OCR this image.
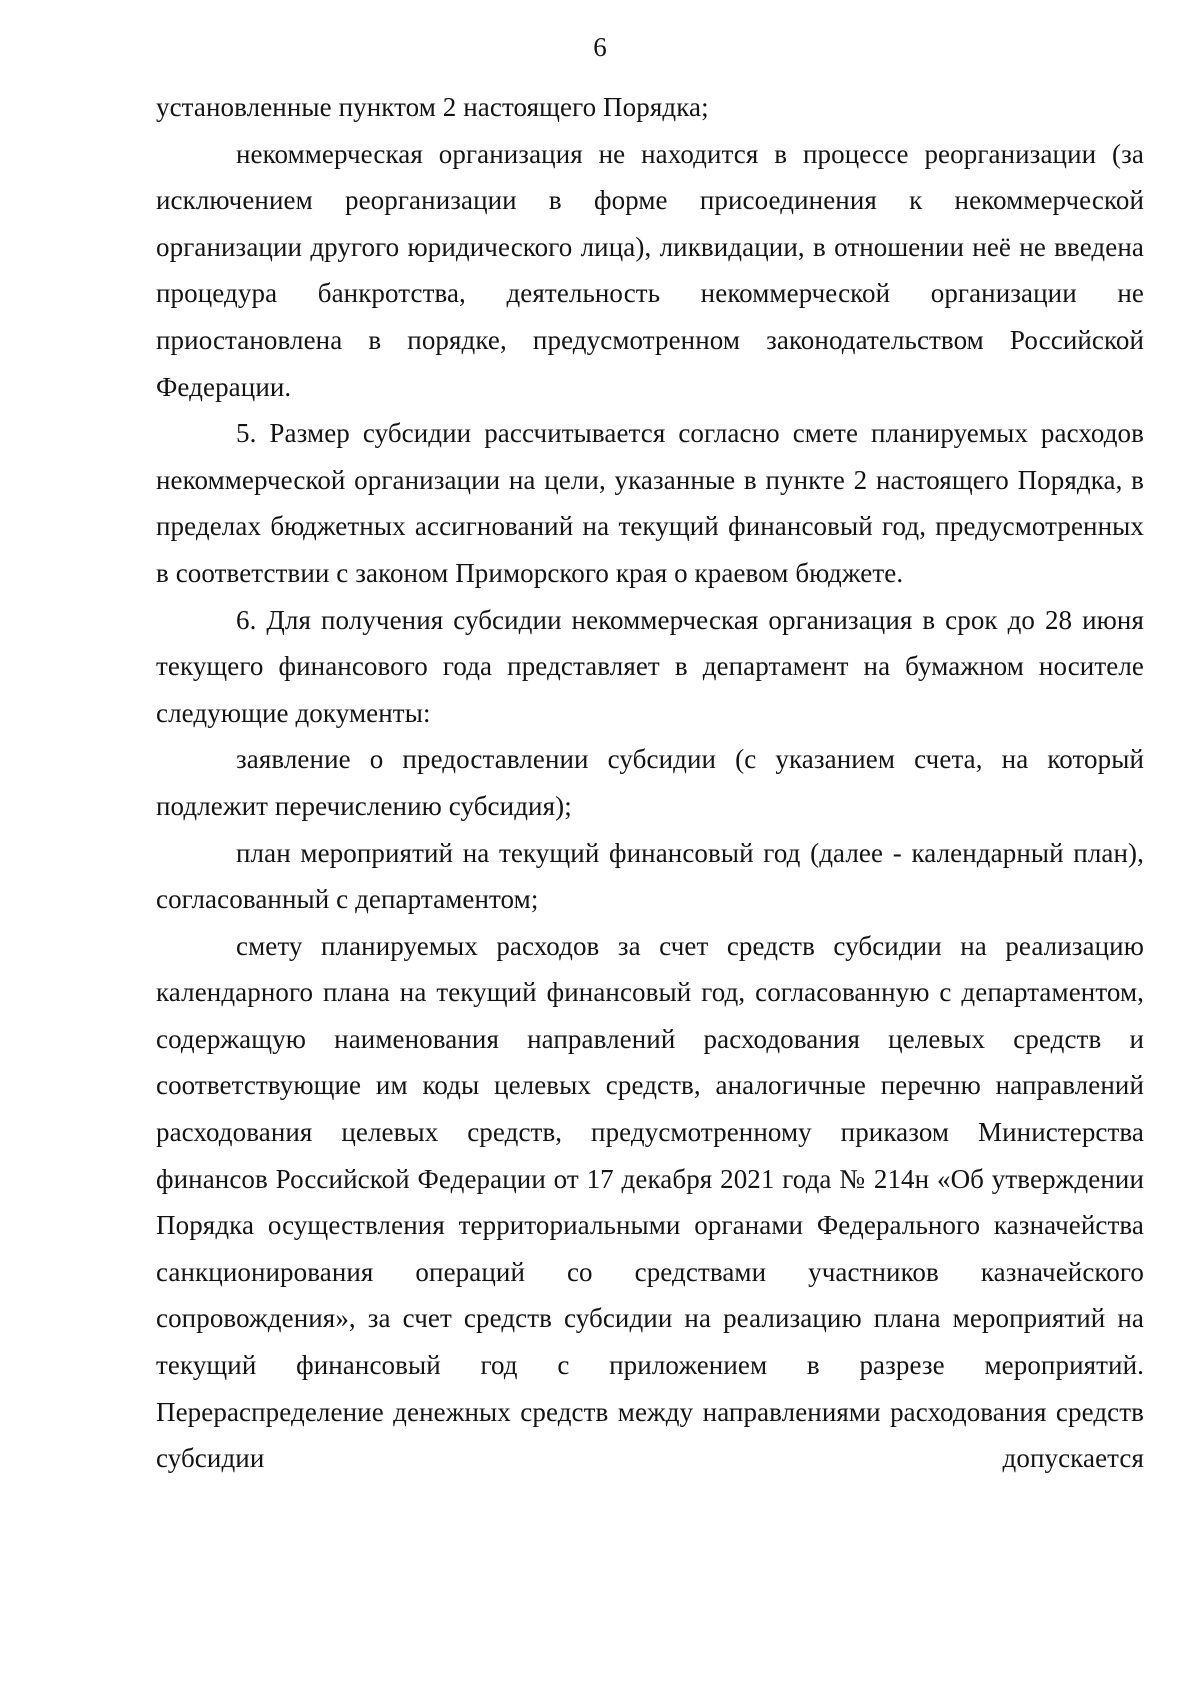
6

установленные пунктом 2 настоящего Порядка;

некоммерческая организация не находится в процессе реорганизации (за исключением реорганизации в форме присоединения к некоммерческой организации другого юридического лица), ликвидации, в отношении неё не введена процедура банкротства, деятельность некоммерческой организации не приостановлена в порядке, предусмотренном законодательством Российской Федерации.

5. Размер субсидии рассчитывается согласно смете планируемых расходов некоммерческой организации на цели, указанные в пункте 2 настоящего Порядка, в пределах бюджетных ассигнований на текущий финансовый год, предусмотренных в соответствии с законом Приморского края о краевом бюджете.

6. Для получения субсидии некоммерческая организация в срок до 28 июня текущего финансового года представляет в департамент на бумажном носителе следующие документы:

заявление о предоставлении субсидии (с указанием счета, на который подлежит перечислению субсидия);

план мероприятий на текущий финансовый год (далее - календарный план), согласованный с департаментом;

смету планируемых расходов за счет средств субсидии на реализацию календарного плана на текущий финансовый год, согласованную с департаментом, содержащую наименования направлений расходования целевых средств и соответствующие им коды целевых средств, аналогичные перечню направлений расходования целевых средств, предусмотренному приказом Министерства финансов Российской Федерации от 17 декабря 2021 года № 214н «Об утверждении Порядка осуществления территориальными органами Федерального казначейства санкционирования операций со средствами участников казначейского сопровождения», за счет средств субсидии на реализацию плана мероприятий на текущий финансовый год с приложением в разрезе мероприятий. Перераспределение денежных средств между направлениями расходования средств субсидии допускается
